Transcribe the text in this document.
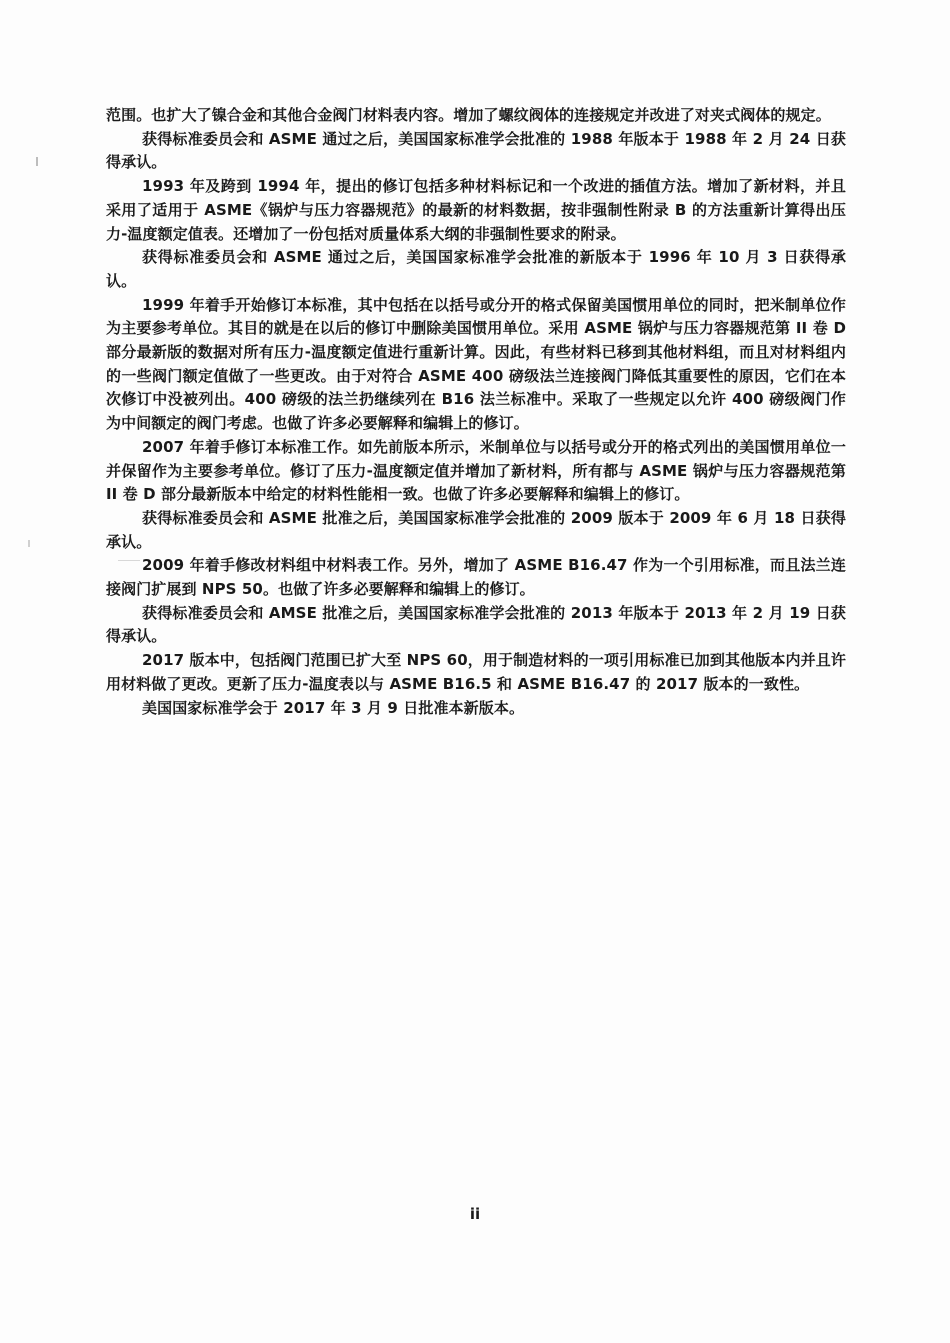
范围。也扩大了镍合金和其他合金阀门材料表内容。增加了螺纹阀体的连接规定并改进了对夹式阀体的规定。

获得标准委员会和 ASME 通过之后，美国国家标准学会批准的 1988 年版本于 1988 年 2 月 24 日获得承认。

1993 年及跨到 1994 年，提出的修订包括多种材料标记和一个改进的插值方法。增加了新材料，并且采用了适用于 ASME《锅炉与压力容器规范》的最新的材料数据，按非强制性附录 B 的方法重新计算得出压力-温度额定值表。还增加了一份包括对质量体系大纲的非强制性要求的附录。

获得标准委员会和 ASME 通过之后，美国国家标准学会批准的新版本于 1996 年 10 月 3 日获得承认。

1999 年着手开始修订本标准，其中包括在以括号或分开的格式保留美国惯用单位的同时，把米制单位作为主要参考单位。其目的就是在以后的修订中删除美国惯用单位。采用 ASME 锅炉与压力容器规范第 II 卷 D 部分最新版的数据对所有压力-温度额定值进行重新计算。因此，有些材料已移到其他材料组，而且对材料组内的一些阀门额定值做了一些更改。由于对符合 ASME 400 磅级法兰连接阀门降低其重要性的原因，它们在本次修订中没被列出。400 磅级的法兰扔继续列在 B16 法兰标准中。采取了一些规定以允许 400 磅级阀门作为中间额定的阀门考虑。也做了许多必要解释和编辑上的修订。

2007 年着手修订本标准工作。如先前版本所示，米制单位与以括号或分开的格式列出的美国惯用单位一并保留作为主要参考单位。修订了压力-温度额定值并增加了新材料，所有都与 ASME 锅炉与压力容器规范第 II 卷 D 部分最新版本中给定的材料性能相一致。也做了许多必要解释和编辑上的修订。

获得标准委员会和 ASME 批准之后，美国国家标准学会批准的 2009 版本于 2009 年 6 月 18 日获得承认。

2009 年着手修改材料组中材料表工作。另外，增加了 ASME B16.47 作为一个引用标准，而且法兰连接阀门扩展到 NPS 50。也做了许多必要解释和编辑上的修订。

获得标准委员会和 AMSE 批准之后，美国国家标准学会批准的 2013 年版本于 2013 年 2 月 19 日获得承认。

2017 版本中，包括阀门范围已扩大至 NPS 60，用于制造材料的一项引用标准已加到其他版本内并且许用材料做了更改。更新了压力-温度表以与 ASME B16.5 和 ASME B16.47 的 2017 版本的一致性。

美国国家标准学会于 2017 年 3 月 9 日批准本新版本。

ii
